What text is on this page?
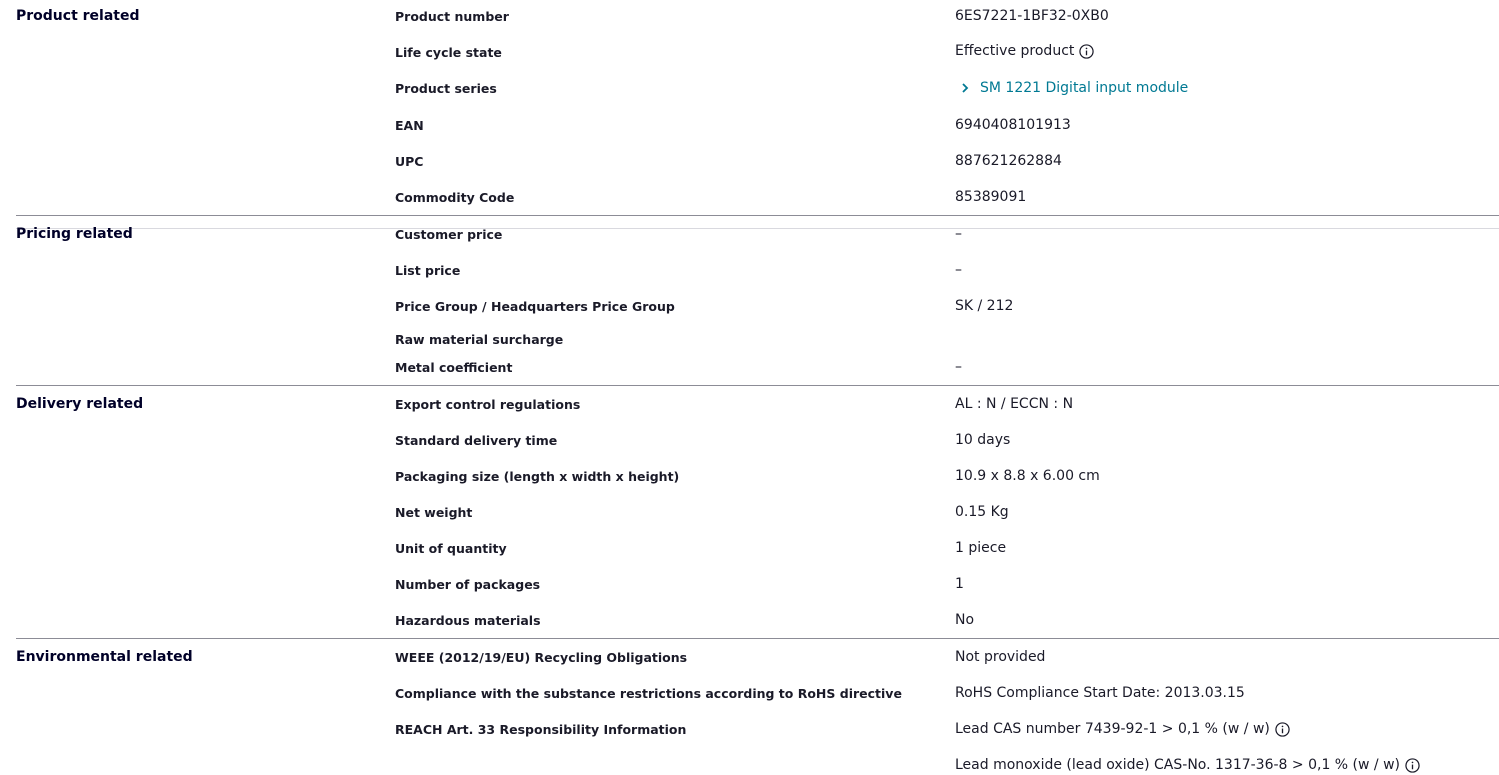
Product related	Product number	6ES7221-1BF32-0XB0
Life cycle state	Effective product
Product series	SM 1221 Digital input module
EAN	6940408101913
UPC	887621262884
Commodity Code	85389091
Pricing related	Customer price	–
List price	–
Price Group / Headquarters Price Group	SK / 212
Raw material surcharge
Metal coefficient	–
Delivery related	Export control regulations	AL : N / ECCN : N
Standard delivery time	10 days
Packaging size (length x width x height)	10.9 x 8.8 x 6.00 cm
Net weight	0.15 Kg
Unit of quantity	1 piece
Number of packages	1
Hazardous materials	No
Environmental related	WEEE (2012/19/EU) Recycling Obligations	Not provided
Compliance with the substance restrictions according to RoHS directive	RoHS Compliance Start Date: 2013.03.15
REACH Art. 33 Responsibility Information	Lead CAS number 7439-92-1 > 0,1 % (w / w)
Lead monoxide (lead oxide) CAS-No. 1317-36-8 > 0,1 % (w / w)
